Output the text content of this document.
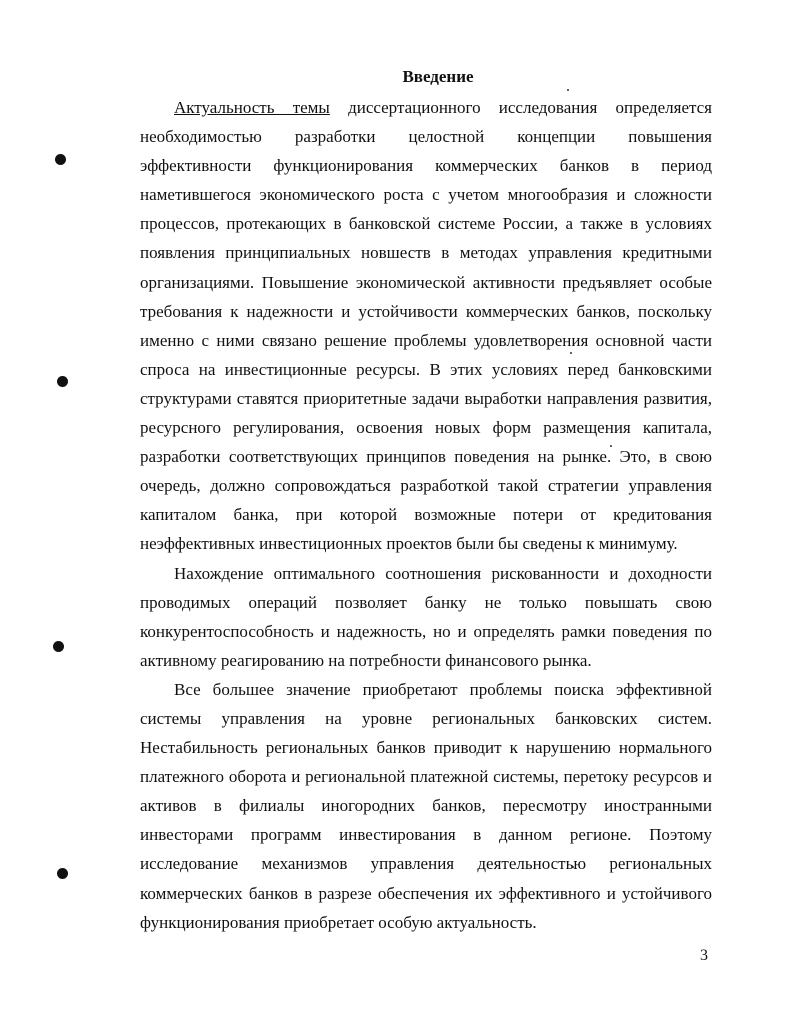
Введение

Актуальность темы диссертационного исследования определяется необходимостью разработки целостной концепции повышения эффективности функционирования коммерческих банков в период наметившегося экономического роста с учетом многообразия и сложности процессов, протекающих в банковской системе России, а также в условиях появления принципиальных новшеств в методах управления кредитными организациями. Повышение экономической активности предъявляет особые требования к надежности и устойчивости коммерческих банков, поскольку именно с ними связано решение проблемы удовлетворения основной части спроса на инвестиционные ресурсы. В этих условиях перед банковскими структурами ставятся приоритетные задачи выработки направления развития, ресурсного регулирования, освоения новых форм размещения капитала, разработки соответствующих принципов поведения на рынке. Это, в свою очередь, должно сопровождаться разработкой такой стратегии управления капиталом банка, при которой возможные потери от кредитования неэффективных инвестиционных проектов были бы сведены к минимуму.

Нахождение оптимального соотношения рискованности и доходности проводимых операций позволяет банку не только повышать свою конкурентоспособность и надежность, но и определять рамки поведения по активному реагированию на потребности финансового рынка.

Все большее значение приобретают проблемы поиска эффективной системы управления на уровне региональных банковских систем. Нестабильность региональных банков приводит к нарушению нормального платежного оборота и региональной платежной системы, перетоку ресурсов и активов в филиалы иногородних банков, пересмотру иностранными инвесторами программ инвестирования в данном регионе. Поэтому исследование механизмов управления деятельностью региональных коммерческих банков в разрезе обеспечения их эффективного и устойчивого функционирования приобретает особую актуальность.

3
